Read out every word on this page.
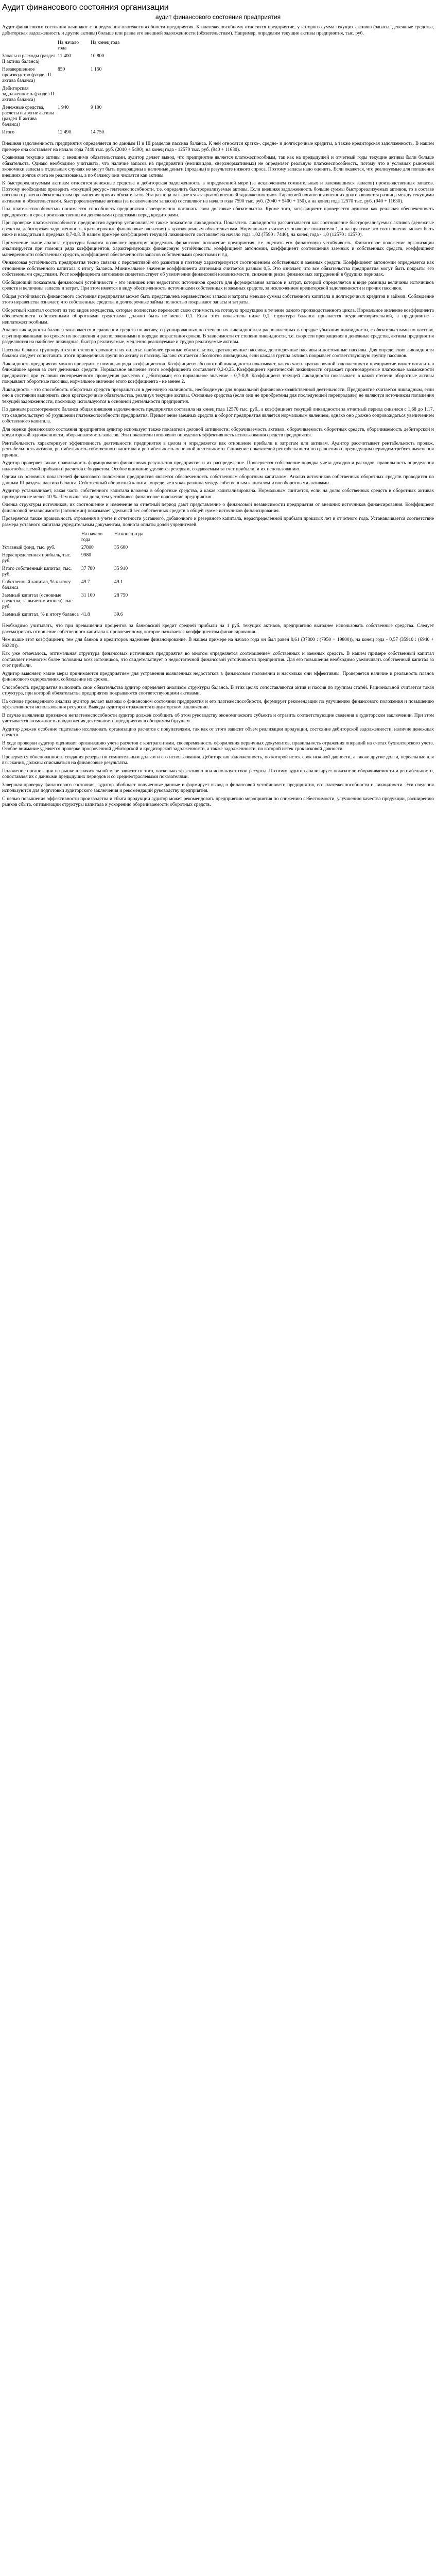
Аудит финансового состояния организации
аудит финансового состояния предприятия

Аудит финансового состояния начинают с определения платежеспособности предприятия. К платежеспособному относится предприятие, у которого сумма текущих активов (запасы, денежные средства, дебиторская задолженность и другие активы) больше или равна его внешней задолженности (обязательствам). Например, определим текущие активы предприятия, тыс. руб.

	На начало года	На конец года
Запасы и расходы (раздел II актива баланса)	11 400	10 800
Незавершенное производство (раздел II актива баланса)	850	1 150
Дебиторская задолженность (раздел II актива баланса)		
Денежные средства, расчеты и другие активы (раздел II актива баланса)	1 940	9 100
Итого	12 490	14 750

Внешняя задолженность предприятия определяется по данным II и III разделов пассива баланса. К ней относятся кратко-, средне- и долгосрочные кредиты, а также кредиторская задолженность. В нашем примере она составляет на начало года 7440 тыс. руб. (2040 + 5400), на конец года - 12570 тыс. руб. (940 + 11630).

Сравнивая текущие активы с внешними обязательствами, аудитор делает вывод, что предприятие является платежеспособным, так как на предыдущей и отчетный годы текущие активы были больше обязательств. Однако необходимо учитывать, что наличие запасов на предприятии (неликвидов, сверхнормативных) не определяет реальную платежеспособность, потому что в условиях рыночной экономики запасы в отдельных случаях не могут быть превращены в наличные деньги (проданы) в результате низкого спроса. Поэтому запасы надо оценить. Если окажется, что реализуемые для погашения внешних долгов счета не реализованы, а по балансу они числятся как активы.

К быстрореализуемым активам относятся денежные средства и дебиторская задолженность в определенной мере (за исключением сомнительных и залежавшихся запасов) производственных запасов. Поэтому необходимо проверить «текущий ресурс» платежеспособности, т.е. определить быстрореализуемые активы. Если внешняя задолженность больше суммы быстрореализуемых активов, то в составе пассива отражена обязательствам превышения прочих обязательств. Эта разница называется «закрытой внешней задолженностью». Гарантией погашения внешних долгов является разница между текущими активами и обязательствами. Быстрореализуемые активы (за исключением запасов) составляют на начало года 7590 тыс. руб. (2040 + 5400 + 150), а на конец года 12570 тыс. руб. (940 + 11630).

Под платежеспособностью понимается способность предприятия своевременно погашать свои долговые обязательства. Кроме того, коэффициент проверяется аудитом как реальная обеспеченность предприятия в срок производственными денежными средствами перед кредиторами.

При проверке платежеспособности предприятия аудитор устанавливает также показатели ликвидности. Показатель ликвидности рассчитывается как соотношение быстрореализуемых активов (денежные средства, дебиторская задолженность, краткосрочные финансовые вложения) к краткосрочным обязательствам. Нормальным считается значение показателя 1, а на практике это соотношение может быть ниже и находиться в пределах 0,7-0,8. В нашем примере коэффициент текущей ликвидности составляет на начало года 1,02 (7590 : 7440), на конец года - 1,0 (12570 : 12570).

Применение выше анализа структуры баланса позволяет аудитору определить финансовое положение предприятия, т.е. оценить его финансовую устойчивость. Финансовое положение организации анализируется при помощи ряда коэффициентов, характеризующих финансовую устойчивость: коэффициент автономии, коэффициент соотношения заемных и собственных средств, коэффициент маневренности собственных средств, коэффициент обеспеченности запасов собственными средствами и т.д.

Финансовая устойчивость предприятия тесно связана с перспективой его развития и поэтому характеризуется соотношением собственных и заемных средств. Коэффициент автономии определяется как отношение собственного капитала к итогу баланса. Минимальное значение коэффициента автономии считается равным 0,5. Это означает, что все обязательства предприятия могут быть покрыты его собственными средствами. Рост коэффициента автономии свидетельствует об увеличении финансовой независимости, снижении риска финансовых затруднений в будущих периодах.

Обобщающий показатель финансовой устойчивости - это излишек или недостаток источников средств для формирования запасов и затрат, который определяется в виде разницы величины источников средств и величины запасов и затрат. При этом имеется в виду обеспеченность источниками собственных и заемных средств, за исключением кредиторской задолженности и прочих пассивов.

Общая устойчивость финансового состояния предприятия может быть представлена неравенством: запасы и затраты меньше суммы собственного капитала и долгосрочных кредитов и займов. Соблюдение этого неравенства означает, что собственные средства и долгосрочные займы полностью покрывают запасы и затраты.

Оборотный капитал состоит из тех видов имущества, которые полностью переносят свою стоимость на готовую продукцию в течение одного производственного цикла. Нормальное значение коэффициента обеспеченности собственными оборотными средствами должно быть не менее 0,1. Если этот показатель ниже 0,1, структура баланса признается неудовлетворительной, а предприятие - неплатежеспособным.

Анализ ликвидности баланса заключается в сравнении средств по активу, сгруппированных по степени их ликвидности и расположенных в порядке убывания ликвидности, с обязательствами по пассиву, сгруппированными по срокам их погашения и расположенными в порядке возрастания сроков. В зависимости от степени ликвидности, т.е. скорости превращения в денежные средства, активы предприятия разделяются на наиболее ликвидные, быстро реализуемые, медленно реализуемые и трудно реализуемые активы.

Пассивы баланса группируются по степени срочности их оплаты: наиболее срочные обязательства, краткосрочные пассивы, долгосрочные пассивы и постоянные пассивы. Для определения ликвидности баланса следует сопоставить итоги приведенных групп по активу и пассиву. Баланс считается абсолютно ликвидным, если каждая группа активов покрывает соответствующую группу пассивов.

Ликвидность предприятия можно проверить с помощью ряда коэффициентов. Коэффициент абсолютной ликвидности показывает, какую часть краткосрочной задолженности предприятие может погасить в ближайшее время за счет денежных средств. Нормальное значение этого коэффициента составляет 0,2-0,25. Коэффициент критической ликвидности отражает прогнозируемые платежные возможности предприятия при условии своевременного проведения расчетов с дебиторами; его нормальное значение - 0,7-0,8. Коэффициент текущей ликвидности показывает, в какой степени оборотные активы покрывают оборотные пассивы, нормальное значение этого коэффициента - не менее 2.

Ликвидность - это способность оборотных средств превращаться в денежную наличность, необходимую для нормальной финансово-хозяйственной деятельности. Предприятие считается ликвидным, если оно в состоянии выполнять свои краткосрочные обязательства, реализуя текущие активы. Основные средства (если они не приобретены для последующей перепродажи) не являются источником погашения текущей задолженности, поскольку используются в основной деятельности предприятия.

По данным рассмотренного баланса общая внешняя задолженность предприятия составила на конец года 12570 тыс. руб., а коэффициент текущей ликвидности за отчетный период снизился с 1,68 до 1,17, что свидетельствует об ухудшении платежеспособности предприятия. Привлечение заемных средств в оборот предприятия является нормальным явлением, однако оно должно сопровождаться увеличением собственного капитала.

Для оценки финансового состояния предприятия аудитор использует также показатели деловой активности: оборачиваемость активов, оборачиваемость оборотных средств, оборачиваемость дебиторской и кредиторской задолженности, оборачиваемость запасов. Эти показатели позволяют определить эффективность использования средств предприятия.

Рентабельность характеризует эффективность деятельности предприятия в целом и определяется как отношение прибыли к затратам или активам. Аудитор рассчитывает рентабельность продаж, рентабельность активов, рентабельность собственного капитала и рентабельность основной деятельности. Снижение показателей рентабельности по сравнению с предыдущим периодом требует выяснения причин.

Аудитор проверяет также правильность формирования финансовых результатов предприятия и их распределение. Проверяется соблюдение порядка учета доходов и расходов, правильность определения налогооблагаемой прибыли и расчетов с бюджетом. Особое внимание уделяется резервам, создаваемым за счет прибыли, и их использованию.

Одним из основных показателей финансового положения предприятия является обеспеченность собственным оборотным капиталом. Анализ источников собственных оборотных средств проводится по данным III раздела пассива баланса. Собственный оборотный капитал определяется как разница между собственным капиталом и внеоборотными активами.

Аудитор устанавливает, какая часть собственного капитала вложена в оборотные средства, а какая капитализирована. Нормальным считается, если на долю собственных средств в оборотных активах приходится не менее 10 %. Чем выше эта доля, тем устойчивее финансовое положение предприятия.

Оценка структуры источников, их соотношение и изменение за отчетный период дают представление о финансовой независимости предприятия от внешних источников финансирования. Коэффициент финансовой независимости (автономии) показывает удельный вес собственных средств в общей сумме источников финансирования.

Проверяется также правильность отражения в учете и отчетности уставного, добавочного и резервного капитала, нераспределенной прибыли прошлых лет и отчетного года. Устанавливается соответствие размера уставного капитала учредительным документам, полнота оплаты долей учредителей.

	На начало года	На конец года
Уставный фонд, тыс. руб.	27800	35 600
Нераспределенная прибыль, тыс. руб.	9980	
Итого собственный капитал, тыс. руб.	37 780	35 910
Собственный капитал, % к итогу баланса	49.7	49.1
Заемный капитал (основные средства, за вычетом износа), тыс. руб.	31 100	28 750
Заемный капитал, % к итогу баланса	41.8	39.6

Необходимо учитывать, что при превышении процентов за банковский кредит средней прибыли на 1 руб. текущих активов, предприятию выгоднее использовать собственные средства. Следует рассматривать отношение собственного капитала к привлеченному, которое называется коэффициентом финансирования.

Чем выше этот коэффициент, тем для банков и кредиторов надежнее финансирование. В нашем примере на начало года он был равен 0,61 (37800 : (7950 + 19800)), на конец года - 0,57 (35910 : (6940 + 56220)).

Как уже отмечалось, оптимальная структура финансовых источников предприятия во многом определяется соотношением собственных и заемных средств. В нашем примере собственный капитал составляет немногим более половины всех источников, что свидетельствует о недостаточной финансовой устойчивости предприятия. Для его повышения необходимо увеличивать собственный капитал за счет прибыли.

Аудитор выясняет, какие меры принимаются предприятием для устранения выявленных недостатков в финансовом положении и насколько они эффективны. Проверяется наличие и реальность планов финансового оздоровления, соблюдение их сроков.

Способность предприятия выполнять свои обязательства аудитор определяет анализом структуры баланса. В этих целях сопоставляются актив и пассив по группам статей. Рациональной считается такая структура, при которой обязательства предприятия покрываются соответствующими активами.

На основе проведенного анализа аудитор делает выводы о финансовом состоянии предприятия и его платежеспособности, формирует рекомендации по улучшению финансового положения и повышению эффективности использования ресурсов. Выводы аудитора отражаются в аудиторском заключении.

В случае выявления признаков неплатежеспособности аудитор должен сообщить об этом руководству экономического субъекта и отразить соответствующие сведения в аудиторском заключении. При этом учитывается возможность продолжения деятельности предприятия в обозримом будущем.

Аудитор должен особенно тщательно исследовать организацию расчетов с покупателями, так как от этого зависит объем реализации продукции, состояние дебиторской задолженности, наличие денежных средств.

В ходе проверки аудитор оценивает организацию учета расчетов с контрагентами, своевременность оформления первичных документов, правильность отражения операций на счетах бухгалтерского учета. Особое внимание уделяется проверке просроченной дебиторской и кредиторской задолженности, а также задолженности, по которой истек срок исковой давности.

Проверяется обоснованность создания резерва по сомнительным долгам и его использования. Дебиторская задолженность, по которой истек срок исковой давности, а также другие долги, нереальные для взыскания, должны списываться на финансовые результаты.

Положение организации на рынке в значительной мере зависит от того, насколько эффективно она использует свои ресурсы. Поэтому аудитор анализирует показатели оборачиваемости и рентабельности, сопоставляя их с данными предыдущих периодов и со среднеотраслевыми показателями.

Завершая проверку финансового состояния, аудитор обобщает полученные данные и формирует вывод о финансовой устойчивости предприятия, его платежеспособности и ликвидности. Эти сведения используются для подготовки аудиторского заключения и рекомендаций руководству предприятия.

С целью повышения эффективности производства и сбыта продукции аудитор может рекомендовать предприятию мероприятия по снижению себестоимости, улучшению качества продукции, расширению рынков сбыта, оптимизации структуры капитала и ускорению оборачиваемости оборотных средств.
